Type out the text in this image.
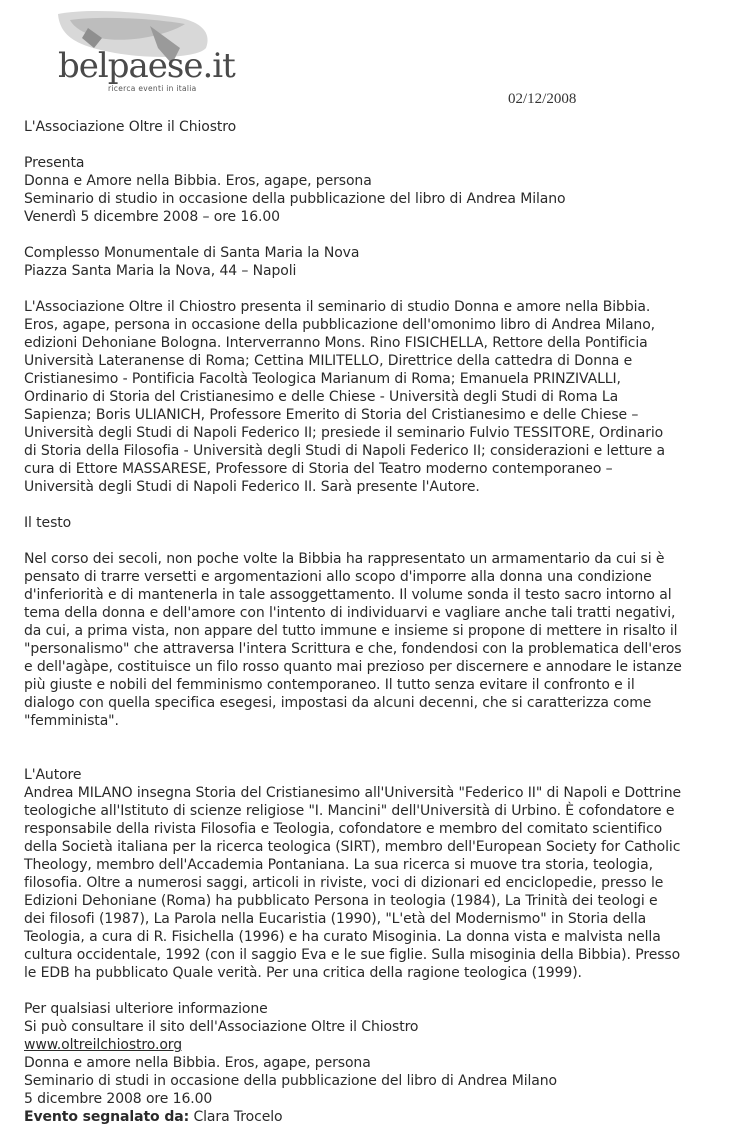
belpaese.it
ricerca eventi in italia
02/12/2008

L'Associazione Oltre il Chiostro

Presenta

Donna e Amore nella Bibbia. Eros, agape, persona

Seminario di studio in occasione della pubblicazione del libro di Andrea Milano

Venerdì 5 dicembre 2008 – ore 16.00

Complesso Monumentale di Santa Maria la Nova

Piazza Santa Maria la Nova, 44 – Napoli

L'Associazione Oltre il Chiostro presenta il seminario di studio Donna e amore nella Bibbia.
Eros, agape, persona in occasione della pubblicazione dell'omonimo libro di Andrea Milano,
edizioni Dehoniane Bologna. Interverranno Mons. Rino FISICHELLA, Rettore della Pontificia
Università Lateranense di Roma; Cettina MILITELLO, Direttrice della cattedra di Donna e
Cristianesimo - Pontificia Facoltà Teologica Marianum di Roma; Emanuela PRINZIVALLI,
Ordinario di Storia del Cristianesimo e delle Chiese - Università degli Studi di Roma La
Sapienza; Boris ULIANICH, Professore Emerito di Storia del Cristianesimo e delle Chiese –
Università degli Studi di Napoli Federico II; presiede il seminario Fulvio TESSITORE, Ordinario
di Storia della Filosofia - Università degli Studi di Napoli Federico II; considerazioni e letture a
cura di Ettore MASSARESE, Professore di Storia del Teatro moderno contemporaneo –
Università degli Studi di Napoli Federico II. Sarà presente l'Autore.

Il testo

Nel corso dei secoli, non poche volte la Bibbia ha rappresentato un armamentario da cui si è
pensato di trarre versetti e argomentazioni allo scopo d'imporre alla donna una condizione
d'inferiorità e di mantenerla in tale assoggettamento. Il volume sonda il testo sacro intorno al
tema della donna e dell'amore con l'intento di individuarvi e vagliare anche tali tratti negativi,
da cui, a prima vista, non appare del tutto immune e insieme si propone di mettere in risalto il
"personalismo" che attraversa l'intera Scrittura e che, fondendosi con la problematica dell'eros
e dell'agàpe, costituisce un filo rosso quanto mai prezioso per discernere e annodare le istanze
più giuste e nobili del femminismo contemporaneo. Il tutto senza evitare il confronto e il
dialogo con quella specifica esegesi, impostasi da alcuni decenni, che si caratterizza come
"femminista".

L'Autore

Andrea MILANO insegna Storia del Cristianesimo all'Università "Federico II" di Napoli e Dottrine
teologiche all'Istituto di scienze religiose "I. Mancini" dell'Università di Urbino. È cofondatore e
responsabile della rivista Filosofia e Teologia, cofondatore e membro del comitato scientifico
della Società italiana per la ricerca teologica (SIRT), membro dell'European Society for Catholic
Theology, membro dell'Accademia Pontaniana. La sua ricerca si muove tra storia, teologia,
filosofia. Oltre a numerosi saggi, articoli in riviste, voci di dizionari ed enciclopedie, presso le
Edizioni Dehoniane (Roma) ha pubblicato Persona in teologia (1984), La Trinità dei teologi e
dei filosofi (1987), La Parola nella Eucaristia (1990), "L'età del Modernismo" in Storia della
Teologia, a cura di R. Fisichella (1996) e ha curato Misoginia. La donna vista e malvista nella
cultura occidentale, 1992 (con il saggio Eva e le sue figlie. Sulla misoginia della Bibbia). Presso
le EDB ha pubblicato Quale verità. Per una critica della ragione teologica (1999).

Per qualsiasi ulteriore informazione

Si può consultare il sito dell'Associazione Oltre il Chiostro

www.oltreilchiostro.org

Donna e amore nella Bibbia. Eros, agape, persona

Seminario di studi in occasione della pubblicazione del libro di Andrea Milano

5 dicembre 2008 ore 16.00

Evento segnalato da: Clara Trocelo
